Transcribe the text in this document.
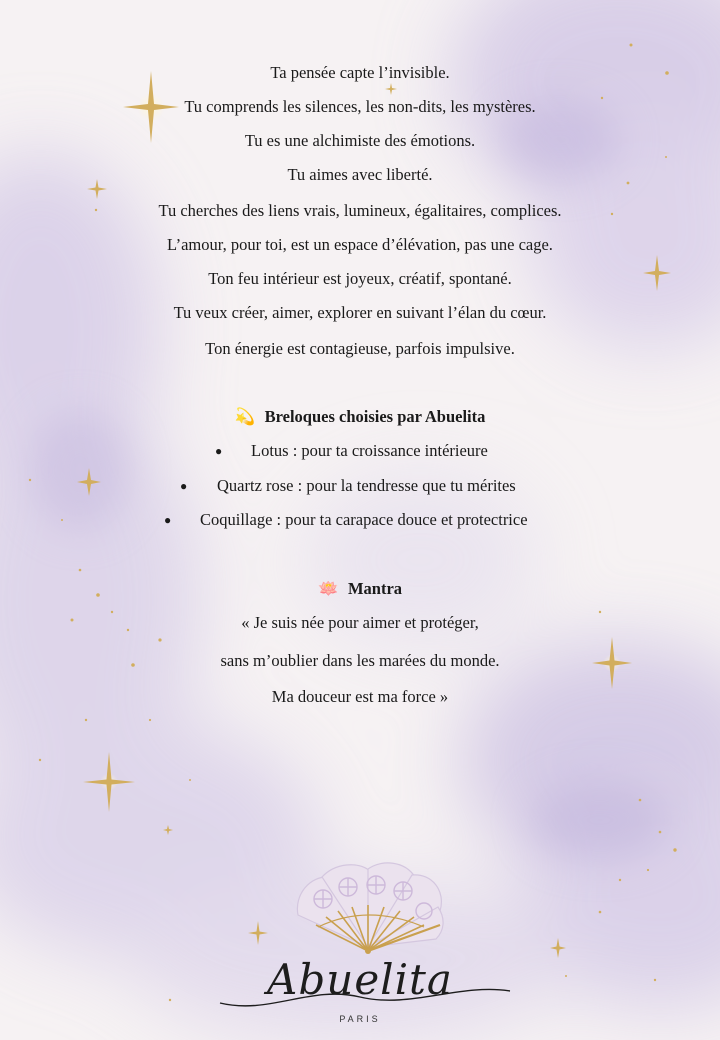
Ta pensée capte l’invisible.
Tu comprends les silences, les non-dits, les mystères.
Tu es une alchimiste des émotions.
Tu aimes avec liberté.
Tu cherches des liens vrais, lumineux, égalitaires, complices.
L’amour, pour toi, est un espace d’élévation, pas une cage.
Ton feu intérieur est joyeux, créatif, spontané.
Tu veux créer, aimer, explorer en suivant l’élan du cœur.
Ton énergie est contagieuse, parfois impulsive.
💫 Breloques choisies par Abuelita
● Lotus : pour ta croissance intérieure
● Quartz rose : pour la tendresse que tu mérites
● Coquillage : pour ta carapace douce et protectrice
🪷 Mantra
« Je suis née pour aimer et protéger,
sans m’oublier dans les marées du monde.
Ma douceur est ma force »
Abuelita
PARIS
